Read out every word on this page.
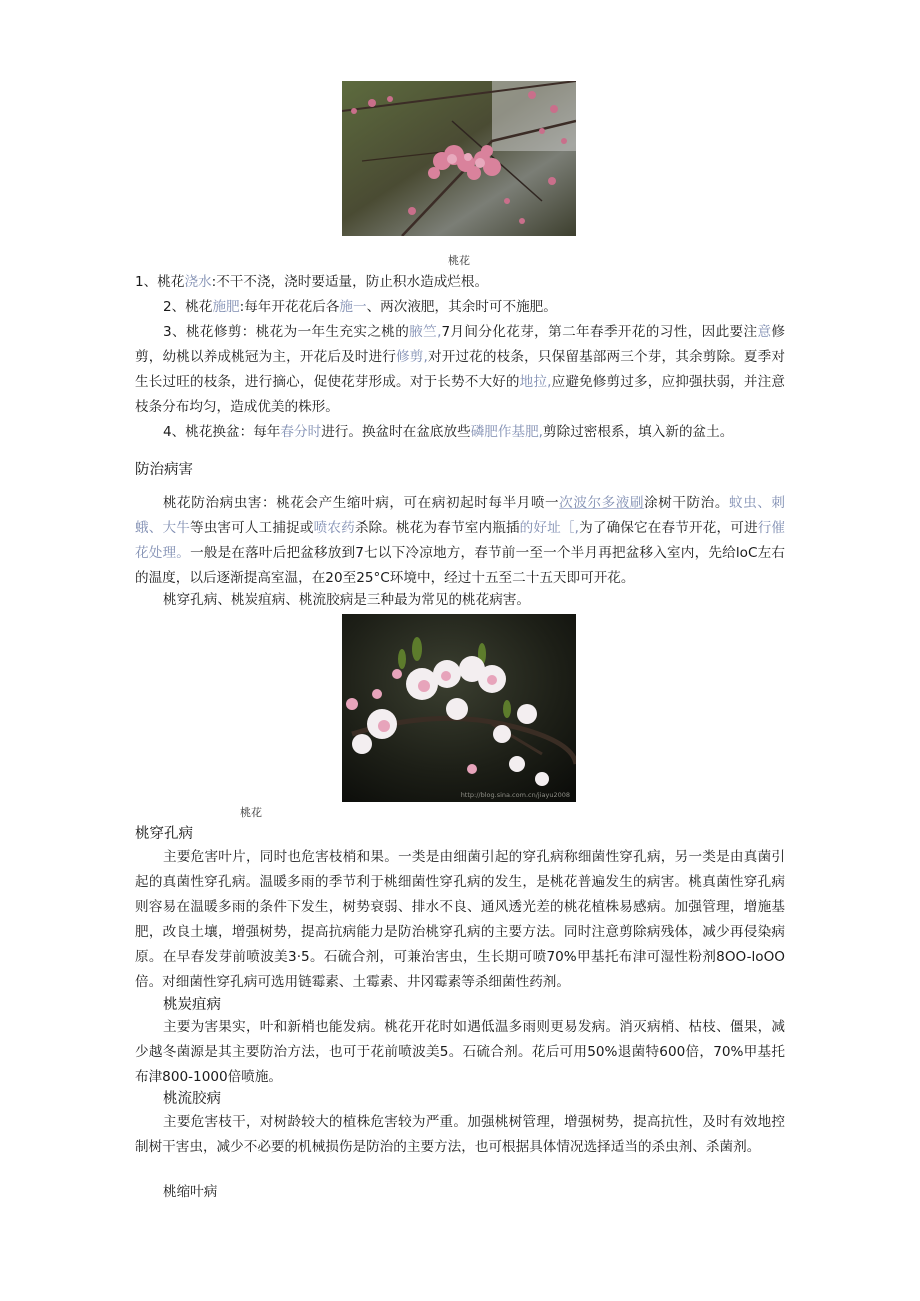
桃花
1、桃花浇水:不干不浇，浇时要适量，防止积水造成烂根。
2、桃花施肥:每年开花花后各施一、两次液肥，其余时可不施肥。
3、桃花修剪：桃花为一年生充实之桃的腋竺,7月间分化花芽，第二年春季开花的习性，因此要注意修剪，幼桃以养成桃冠为主，开花后及时进行修剪,对开过花的枝条，只保留基部两三个芽，其余剪除。夏季对生长过旺的枝条，进行摘心，促使花芽形成。对于长势不大好的地拉,应避免修剪过多，应抑强扶弱，并注意枝条分布均匀，造成优美的株形。
4、桃花换盆：每年春分时进行。换盆时在盆底放些磷肥作基肥,剪除过密根系，填入新的盆土。
防治病害
桃花防治病虫害：桃花会产生缩叶病，可在病初起时每半月喷一次波尔多液刷涂树干防治。蚊虫、刺蛾、大牛等虫害可人工捕捉或喷农药杀除。桃花为春节室内瓶插的好址［,为了确保它在春节开花，可进行催花处理。一般是在落叶后把盆移放到7七以下冷凉地方，春节前一至一个半月再把盆移入室内，先给loC左右的温度，以后逐渐提高室温，在20至25°C环境中，经过十五至二十五天即可开花。
桃穿孔病、桃炭疽病、桃流胶病是三种最为常见的桃花病害。
http://blog.sina.com.cn/jiayu2008
桃花
桃穿孔病
主要危害叶片，同时也危害枝梢和果。一类是由细菌引起的穿孔病称细菌性穿孔病，另一类是由真菌引起的真菌性穿孔病。温暖多雨的季节利于桃细菌性穿孔病的发生，是桃花普遍发生的病害。桃真菌性穿孔病则容易在温暖多雨的条件下发生，树势衰弱、排水不良、通风透光差的桃花植株易感病。加强管理，增施基肥，改良土壤，增强树势，提高抗病能力是防治桃穿孔病的主要方法。同时注意剪除病残体，减少再侵染病原。在早春发芽前喷波美3·5。石硫合剂，可兼治害虫，生长期可喷70%甲基托布津可湿性粉剂8OO-loOO倍。对细菌性穿孔病可选用链霉素、土霉素、井冈霉素等杀细菌性药剂。
桃炭疽病
主要为害果实，叶和新梢也能发病。桃花开花时如遇低温多雨则更易发病。消灭病梢、枯枝、僵果，减少越冬菌源是其主要防治方法，也可于花前喷波美5。石硫合剂。花后可用50%退菌特600倍，70%甲基托布津800-1000倍喷施。
桃流胶病
主要危害枝干，对树龄较大的植株危害较为严重。加强桃树管理，增强树势，提高抗性，及时有效地控制树干害虫，减少不必要的机械损伤是防治的主要方法，也可根据具体情况选择适当的杀虫剂、杀菌剂。
桃缩叶病
